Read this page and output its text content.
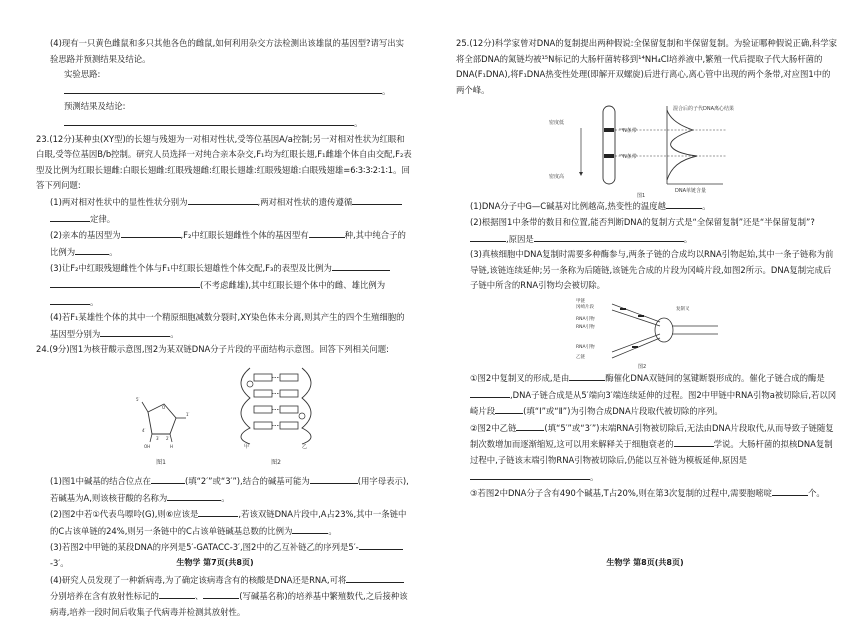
(4)现有一只黄色雌鼠和多只其他各色的雌鼠,如何利用杂交方法检测出该雄鼠的基因型?请写出实验思路并预测结果及结论。

实验思路:。

预测结果及结论:。

23.(12分)某种虫(XY型)的长翅与残翅为一对相对性状,受等位基因A/a控制;另一对相对性状为红眼和白眼,受等位基因B/b控制。研究人员选择一对纯合亲本杂交,F₁均为红眼长翅,F₁雌雄个体自由交配,F₂表型及比例为红眼长翅雌:白眼长翅雌:红眼残翅雌:红眼长翅雄:红眼残翅雄:白眼残翅雄=6∶3∶3∶2∶1∶1。回答下列问题:

(1)两对相对性状中的显性性状分别为	,两对相对性状的遗传遵循
定律。

(2)亲本的基因型为	,F₂中红眼长翅雌性个体的基因型有	种,其中纯合子的比例为	。

(3)让F₂中红眼残翅雌性个体与F₁中红眼长翅雄性个体交配,F₃的表型及比例为
(不考虑雌雄),其中红眼长翅个体中的雌、雄比例为。

(4)若F₁某雄性个体的其中一个精原细胞减数分裂时,XY染色体未分离,则其产生的四个生殖细胞的基因型分别为	。

24.(9分)图1为核苷酸示意图,图2为某双链DNA分子片段的平面结构示意图。回答下列相关问题:

O
5′
1′
H
OH
4′
3′ 2′
图1
甲	乙
图2

(1)图1中碱基的结合位点在	(填“2′”或“3′”),结合的碱基可能为	(用字母表示),若碱基为A,则该核苷酸的名称为	。

(2)图2中若①代表鸟嘌呤(G),则⑥应该是	,若该双链DNA片段中,A占23%,其中一条链中的C占该单链的24%,则另一条链中的C占该单链碱基总数的比例为	。

(3)若图2中甲链的某段DNA的序列是5′-GATACC-3′,图2中的乙互补链乙的序列是5′--3′。

(4)研究人员发现了一种新病毒,为了确定该病毒含有的核酸是DNA还是RNA,可将分别培养在含有放射性标记的	、	(写碱基名称)的培养基中繁殖数代,之后接种该病毒,培养一段时间后收集子代病毒并检测其放射性。

生物学 第7页(共8页)

25.(12分)科学家曾对DNA的复制提出两种假说:全保留复制和半保留复制。为验证哪种假说正确,科学家将全部DNA的氮链均被¹⁵N标记的大肠杆菌转移到¹⁴NH₄Cl培养液中,繁殖一代后提取子代大肠杆菌的DNA(F₁DNA),将F₁DNA热变性处理(即解开双螺旋)后进行离心,离心管中出现的两个条带,对应图1中的两个峰。

密度低
密度高
¹⁴N条带
¹⁵N条带
混合后的子代DNA离心结果
DNA单链含量
图1

(1)DNA分子中G—C碱基对比例越高,热变性的温度越	。

(2)根据图1中条带的数目和位置,能否判断DNA的复制方式是“全保留复制”还是“半保留复制”?,原因是	。

(3)真核细胞中DNA复制时需要多种酶参与,两条子链的合成均以RNA引物起始,其中一条子链称为前导链,该链连续延伸;另一条称为后随链,该链先合成的片段为冈崎片段,如图2所示。DNA复制完成后子链中所含的RNA引物均会被切除。

甲链
冈崎片段
RNA引物
RNA引物
复制叉
RNA引物
乙链
图2

①图2中复制叉的形成,是由	酶催化DNA双链间的氢键断裂形成的。催化子链合成的酶是,DNA子链合成是从5′端向3′端连续延伸的过程。图2中甲链中RNA引物a被切除后,若以冈崎片段	(填“Ⅰ”或“Ⅱ”)为引物合成DNA片段取代被切除的序列。

②图2中乙链	(填“5′”或“3′”)末端RNA引物被切除后,无法由DNA片段取代,从而导致子链随复制次数增加而逐渐缩短,这可以用来解释关于细胞衰老的	学说。大肠杆菌的拟核DNA复制过程中,子链该末端引物RNA引物被切除后,仍能以互补链为模板延伸,原因是。

③若图2中DNA分子含有490个碱基,T占20%,则在第3次复制的过程中,需要胞嘧啶	个。

生物学 第8页(共8页)
